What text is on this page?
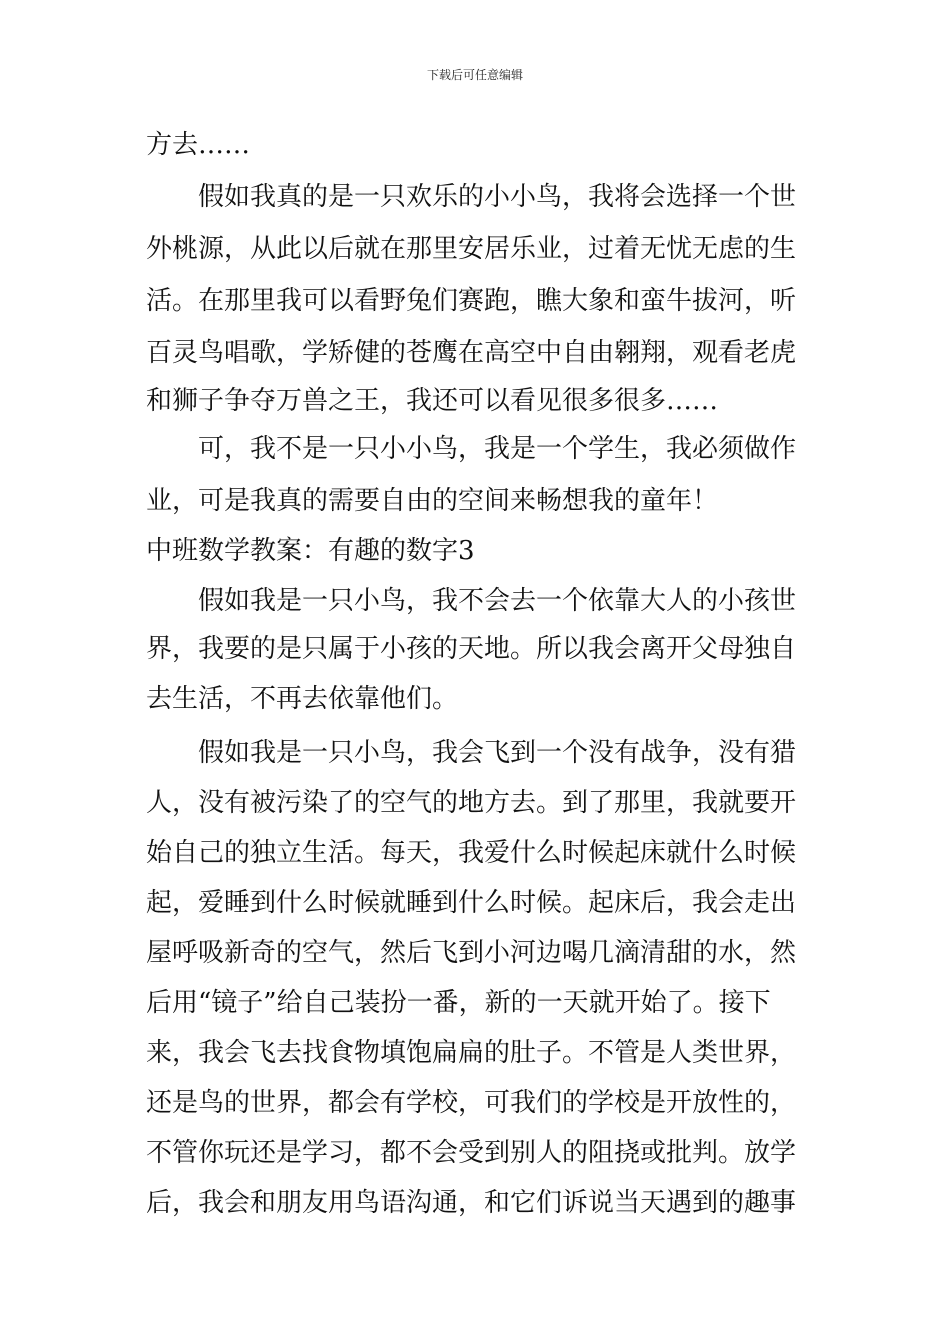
下载后可任意编辑
方去……
假如我真的是一只欢乐的小小鸟，我将会选择一个世
外桃源，从此以后就在那里安居乐业，过着无忧无虑的生
活。在那里我可以看野兔们赛跑，瞧大象和蛮牛拔河，听
百灵鸟唱歌，学矫健的苍鹰在高空中自由翱翔，观看老虎
和狮子争夺万兽之王，我还可以看见很多很多……
可，我不是一只小小鸟，我是一个学生，我必须做作
业，可是我真的需要自由的空间来畅想我的童年！
中班数学教案：有趣的数字3
假如我是一只小鸟，我不会去一个依靠大人的小孩世
界，我要的是只属于小孩的天地。所以我会离开父母独自
去生活，不再去依靠他们。
假如我是一只小鸟，我会飞到一个没有战争，没有猎
人，没有被污染了的空气的地方去。到了那里，我就要开
始自己的独立生活。每天，我爱什么时候起床就什么时候
起，爱睡到什么时候就睡到什么时候。起床后，我会走出
屋呼吸新奇的空气，然后飞到小河边喝几滴清甜的水，然
后用“镜子”给自己装扮一番，新的一天就开始了。接下
来，我会飞去找食物填饱扁扁的肚子。不管是人类世界，
还是鸟的世界，都会有学校，可我们的学校是开放性的，
不管你玩还是学习，都不会受到别人的阻挠或批判。放学
后，我会和朋友用鸟语沟通，和它们诉说当天遇到的趣事
